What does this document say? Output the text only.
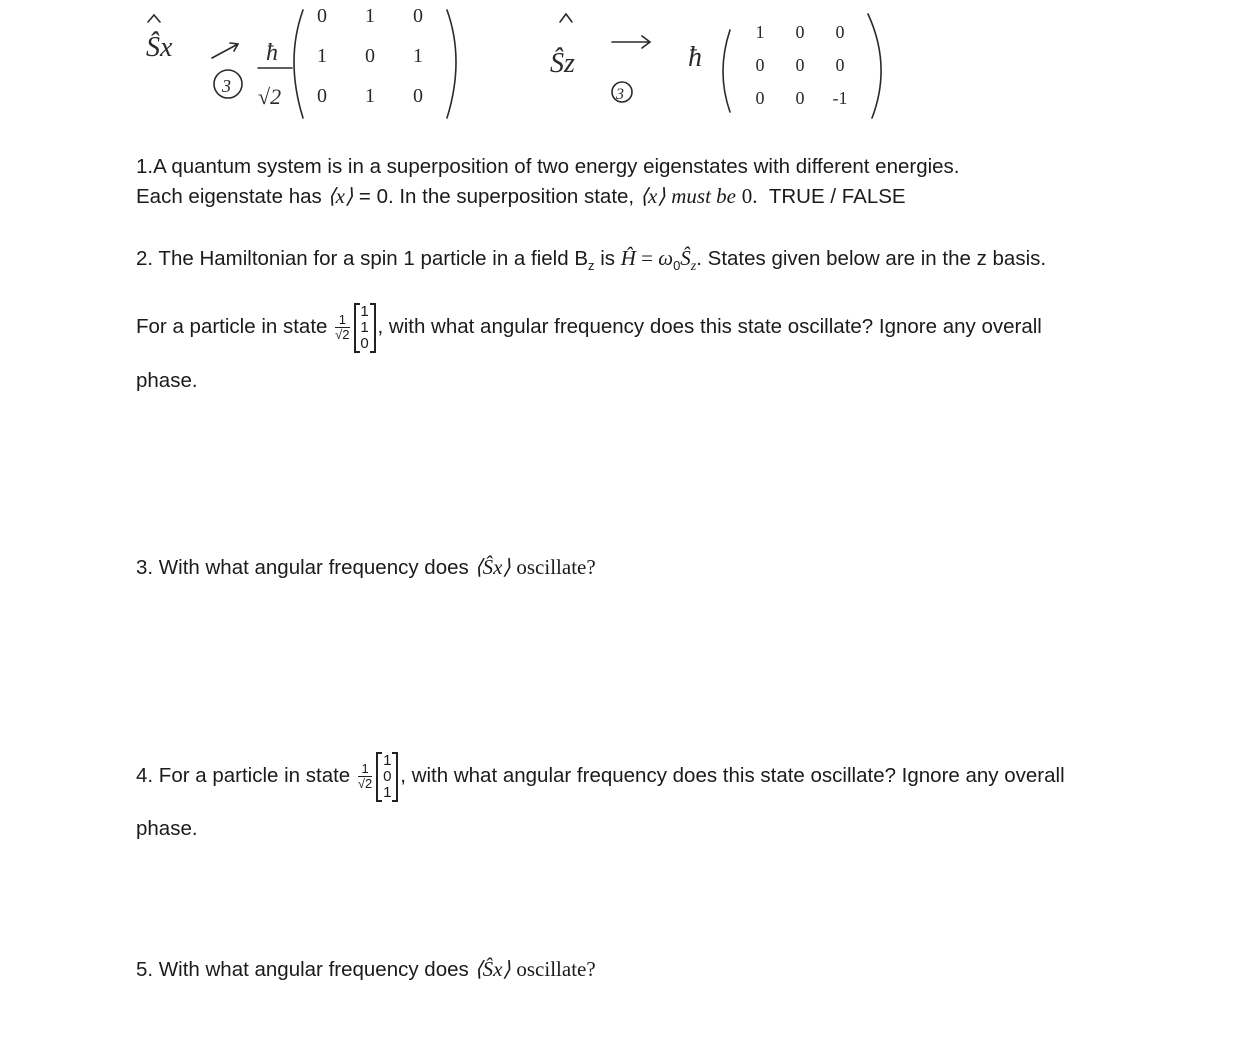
Ŝx
3
ħ
√2
Ŝz
3
ħ
0 1 0
1 0 1
0 1 0
1 0 0
0 0 0
0 0 -1
1.A quantum system is in a superposition of two energy eigenstates with different energies.
Each eigenstate has ⟨x⟩ = 0. In the superposition state, ⟨x⟩ must be 0. TRUE / FALSE
2. The Hamiltonian for a spin 1 particle in a field $B_z$ is Ĥ = $\omega_0Ŝ_z$. States given below are in the z basis.
For a particle in state $\frac{1}{√2}$
1
1
0
, with what angular frequency does this state oscillate? Ignore any overall
phase.
3. With what angular frequency does ⟨Ŝx⟩ oscillate?
4. For a particle in state $\frac{1}{√2}$
1
0
1
, with what angular frequency does this state oscillate? Ignore any overall
phase.
5. With what angular frequency does ⟨Ŝx⟩ oscillate?
